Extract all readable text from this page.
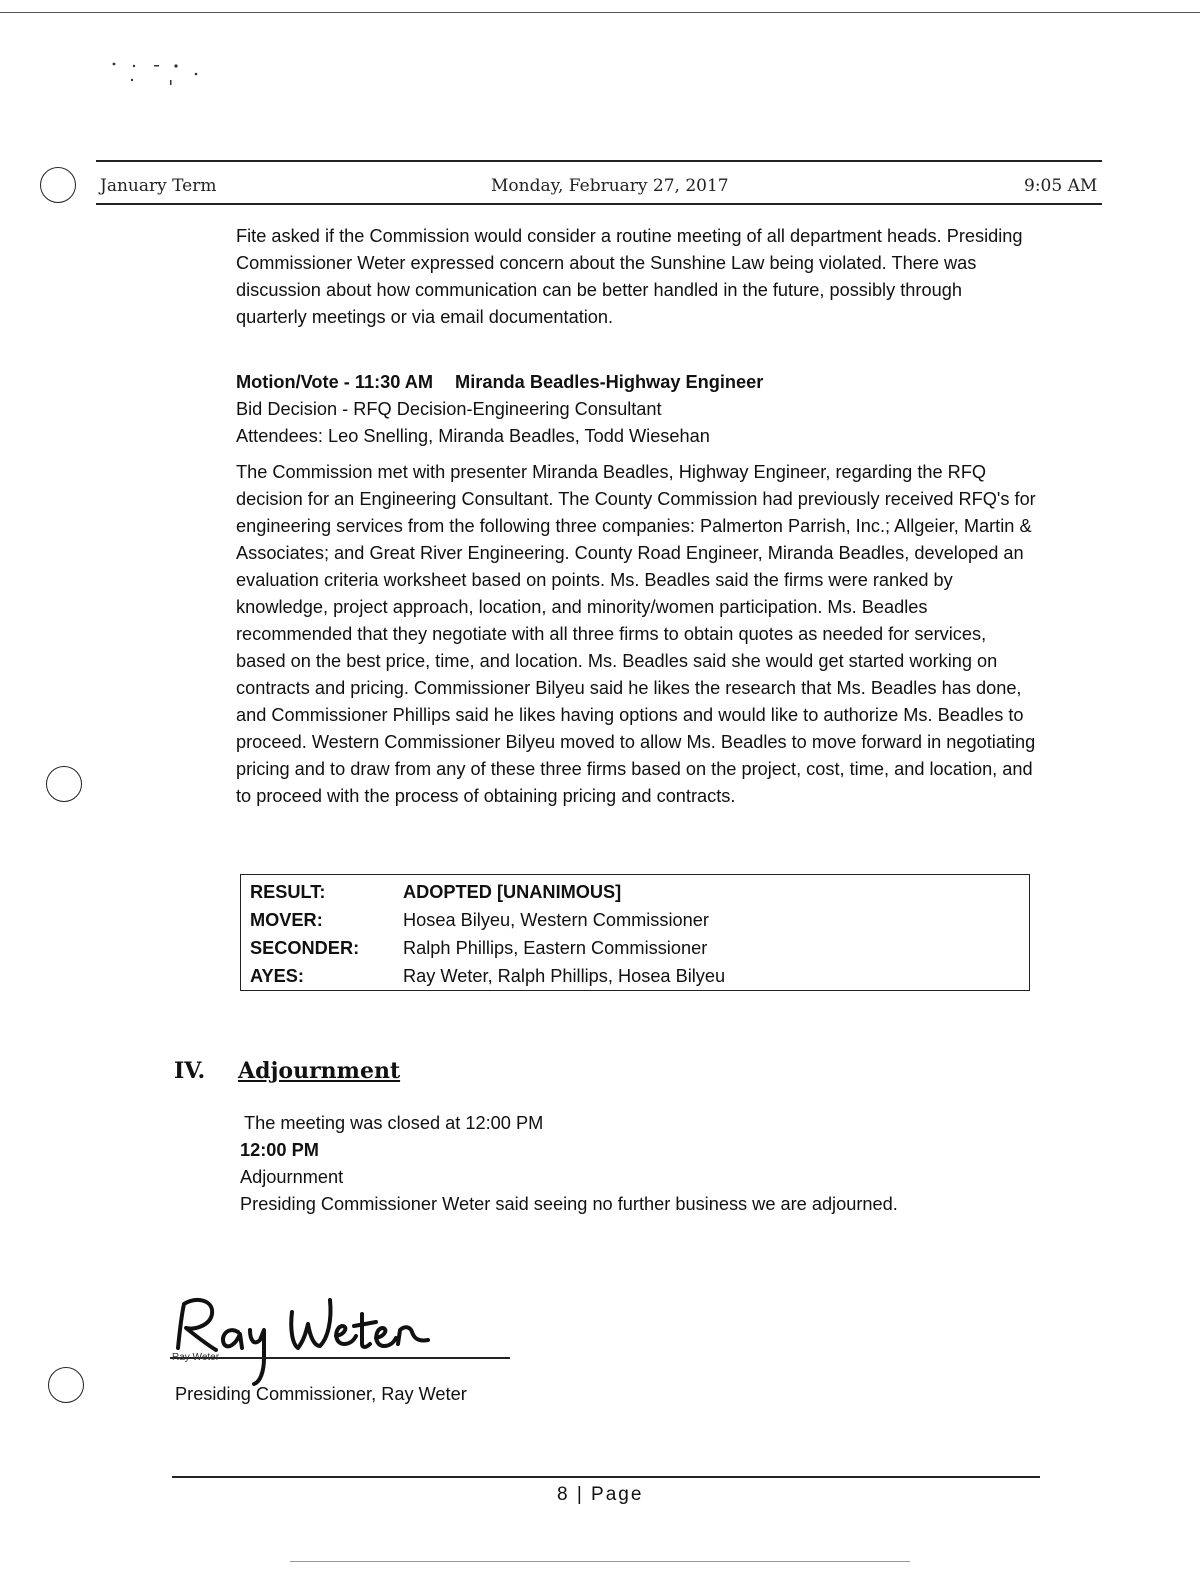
January Term	Monday, February 27, 2017	9:05 AM

Fite asked if the Commission would consider a routine meeting of all department heads. Presiding Commissioner Weter expressed concern about the Sunshine Law being violated. There was discussion about how communication can be better handled in the future, possibly through quarterly meetings or via email documentation.

Motion/Vote - 11:30 AM Miranda Beadles-Highway Engineer
Bid Decision - RFQ Decision-Engineering Consultant
Attendees: Leo Snelling, Miranda Beadles, Todd Wiesehan

The Commission met with presenter Miranda Beadles, Highway Engineer, regarding the RFQ decision for an Engineering Consultant. The County Commission had previously received RFQ's for engineering services from the following three companies: Palmerton Parrish, Inc.; Allgeier, Martin & Associates; and Great River Engineering. County Road Engineer, Miranda Beadles, developed an evaluation criteria worksheet based on points. Ms. Beadles said the firms were ranked by knowledge, project approach, location, and minority/women participation. Ms. Beadles recommended that they negotiate with all three firms to obtain quotes as needed for services, based on the best price, time, and location. Ms. Beadles said she would get started working on contracts and pricing. Commissioner Bilyeu said he likes the research that Ms. Beadles has done, and Commissioner Phillips said he likes having options and would like to authorize Ms. Beadles to proceed. Western Commissioner Bilyeu moved to allow Ms. Beadles to move forward in negotiating pricing and to draw from any of these three firms based on the project, cost, time, and location, and to proceed with the process of obtaining pricing and contracts.

RESULT:	ADOPTED [UNANIMOUS]
MOVER:	Hosea Bilyeu, Western Commissioner
SECONDER: Ralph Phillips, Eastern Commissioner
AYES:	Ray Weter, Ralph Phillips, Hosea Bilyeu
IV. Adjournment
The meeting was closed at 12:00 PM
12:00 PM
Adjournment
Presiding Commissioner Weter said seeing no further business we are adjourned.
Ray Weter
Presiding Commissioner, Ray Weter
8 | Page
